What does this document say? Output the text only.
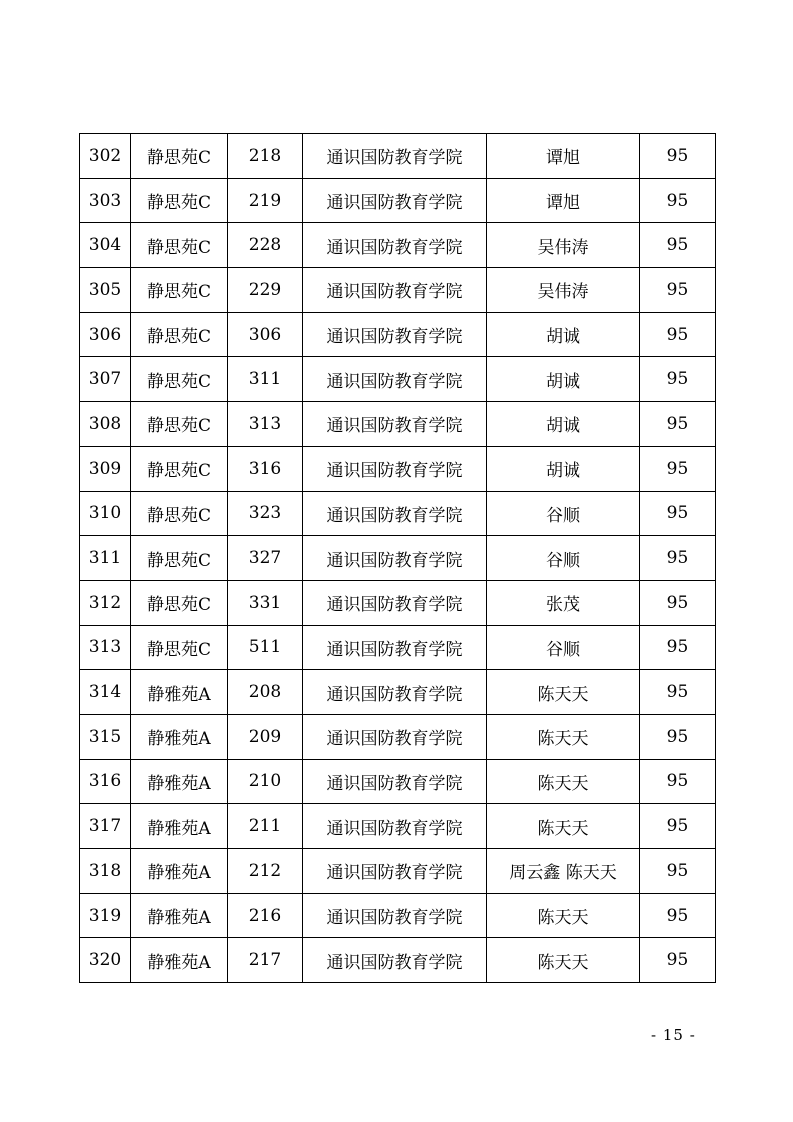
302	静思苑C	218	通识国防教育学院	谭旭	95
303	静思苑C	219	通识国防教育学院	谭旭	95
304	静思苑C	228	通识国防教育学院	吴伟涛	95
305	静思苑C	229	通识国防教育学院	吴伟涛	95
306	静思苑C	306	通识国防教育学院	胡诚	95
307	静思苑C	311	通识国防教育学院	胡诚	95
308	静思苑C	313	通识国防教育学院	胡诚	95
309	静思苑C	316	通识国防教育学院	胡诚	95
310	静思苑C	323	通识国防教育学院	谷顺	95
311	静思苑C	327	通识国防教育学院	谷顺	95
312	静思苑C	331	通识国防教育学院	张茂	95
313	静思苑C	511	通识国防教育学院	谷顺	95
314	静雅苑A	208	通识国防教育学院	陈天天	95
315	静雅苑A	209	通识国防教育学院	陈天天	95
316	静雅苑A	210	通识国防教育学院	陈天天	95
317	静雅苑A	211	通识国防教育学院	陈天天	95
318	静雅苑A	212	通识国防教育学院	周云鑫 陈天天	95
319	静雅苑A	216	通识国防教育学院	陈天天	95
320	静雅苑A	217	通识国防教育学院	陈天天	95
- 15 -
